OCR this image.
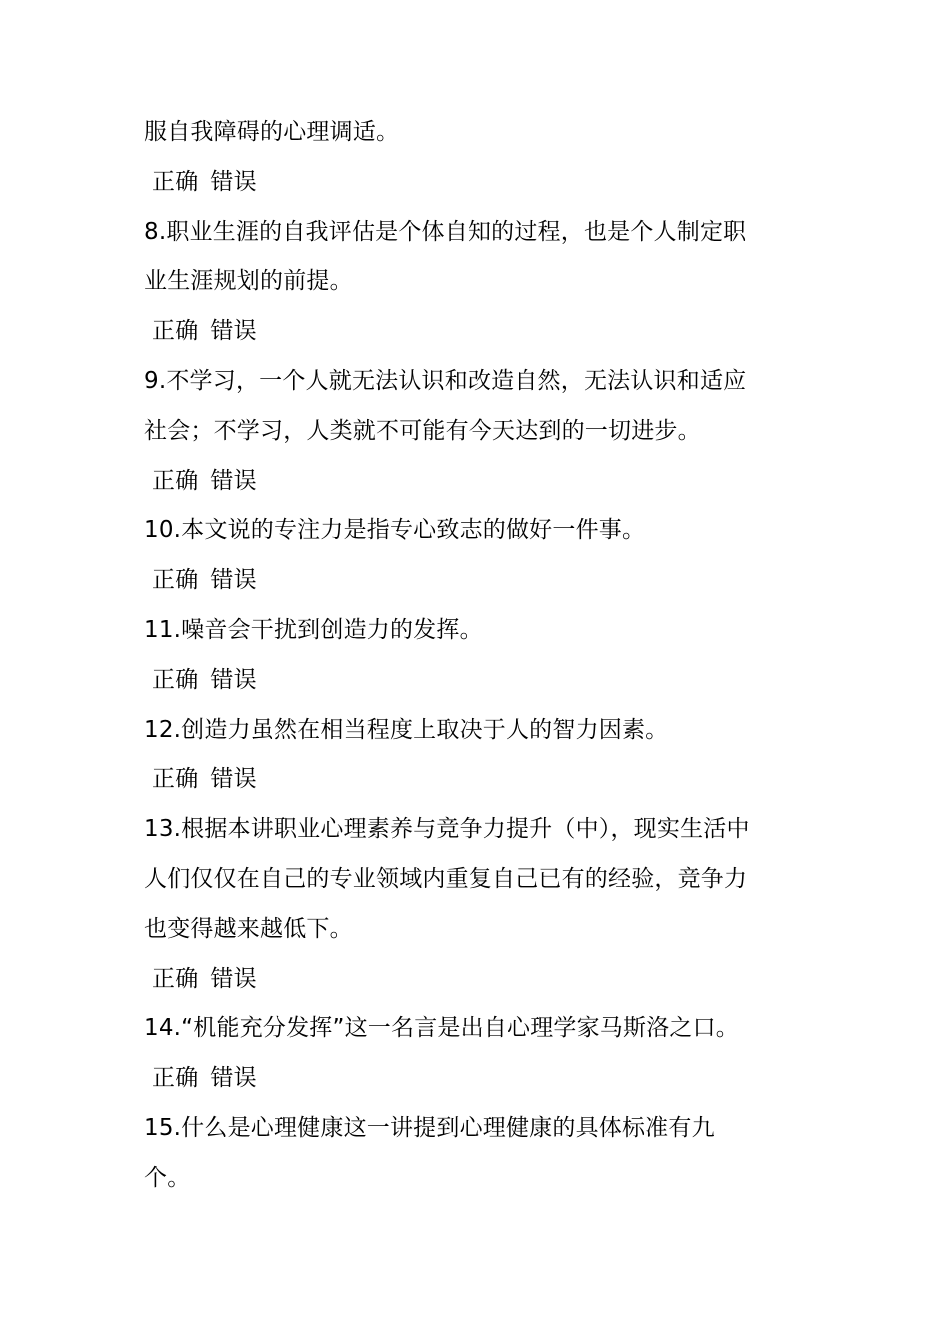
服自我障碍的心理调适。
正确 错误
8.职业生涯的自我评估是个体自知的过程，也是个人制定职
业生涯规划的前提。
正确 错误
9.不学习，一个人就无法认识和改造自然，无法认识和适应
社会；不学习，人类就不可能有今天达到的一切进步。
正确 错误
10.本文说的专注力是指专心致志的做好一件事。
正确 错误
11.噪音会干扰到创造力的发挥。
正确 错误
12.创造力虽然在相当程度上取决于人的智力因素。
正确 错误
13.根据本讲职业心理素养与竞争力提升（中），现实生活中
人们仅仅在自己的专业领域内重复自己已有的经验，竞争力
也变得越来越低下。
正确 错误
14.“机能充分发挥”这一名言是出自心理学家马斯洛之口。
正确 错误
15.什么是心理健康这一讲提到心理健康的具体标准有九
个。
